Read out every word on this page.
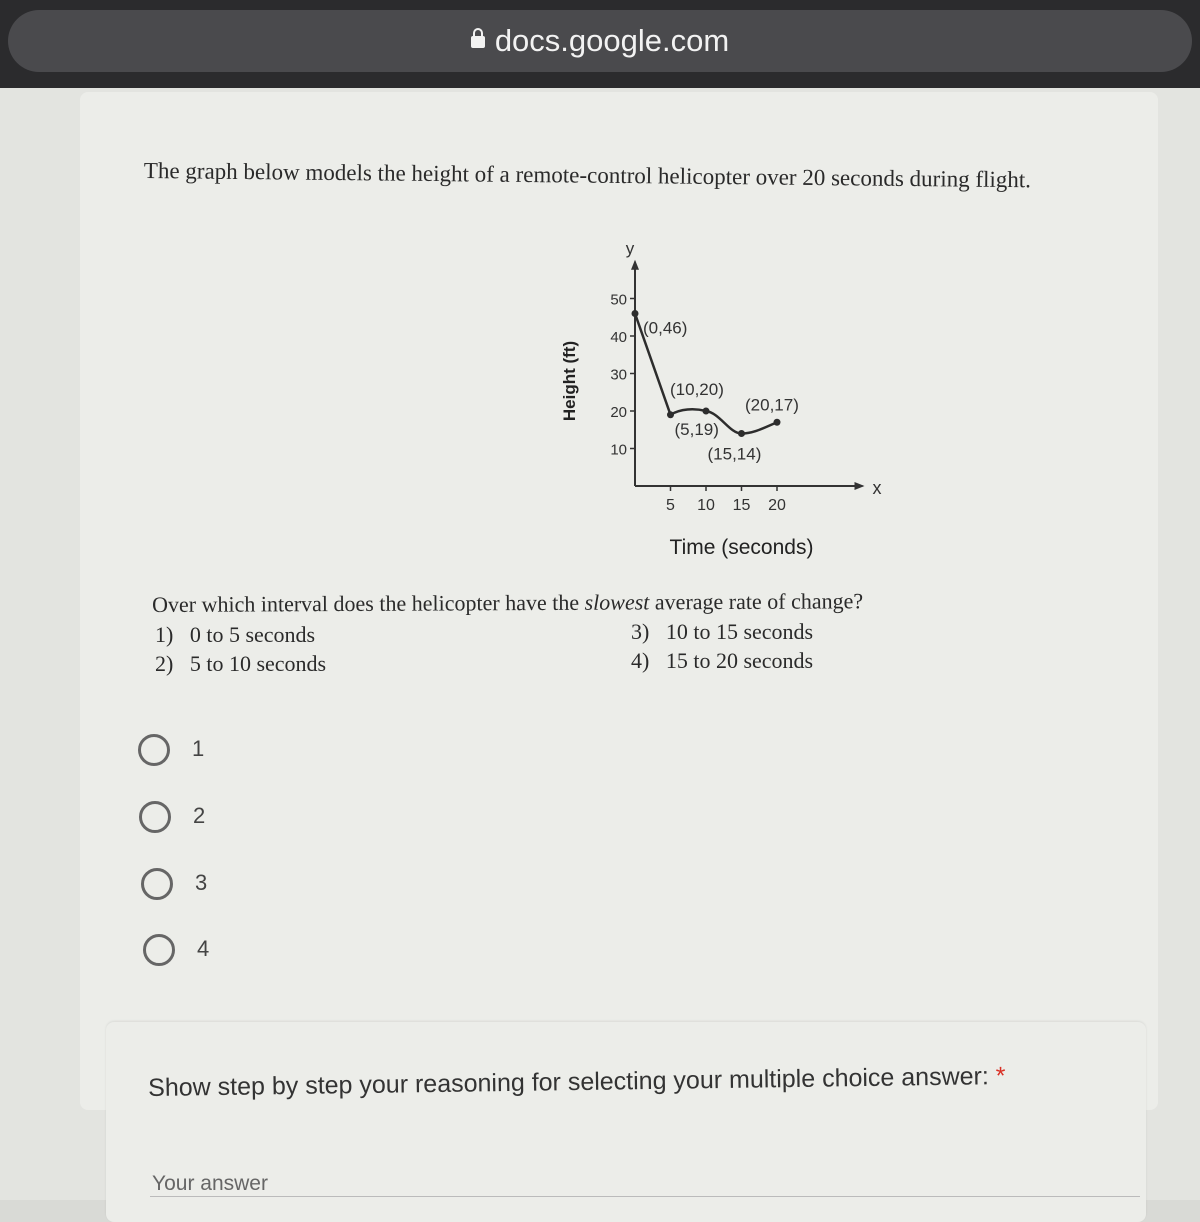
docs.google.com
The graph below models the height of a remote-control helicopter over 20 seconds during flight.
y
x
10
20
30
40
50
5 10 15 20
Height (ft)
Time (seconds)
(0,46)
(5,19)
(10,20)
(15,14)
(20,17)
Over which interval does the helicopter have the slowest average rate of change?
1) 0 to 5 seconds
2) 5 to 10 seconds
3) 10 to 15 seconds
4) 15 to 20 seconds
1
2
3
4
Show step by step your reasoning for selecting your multiple choice answer: *
Your answer
